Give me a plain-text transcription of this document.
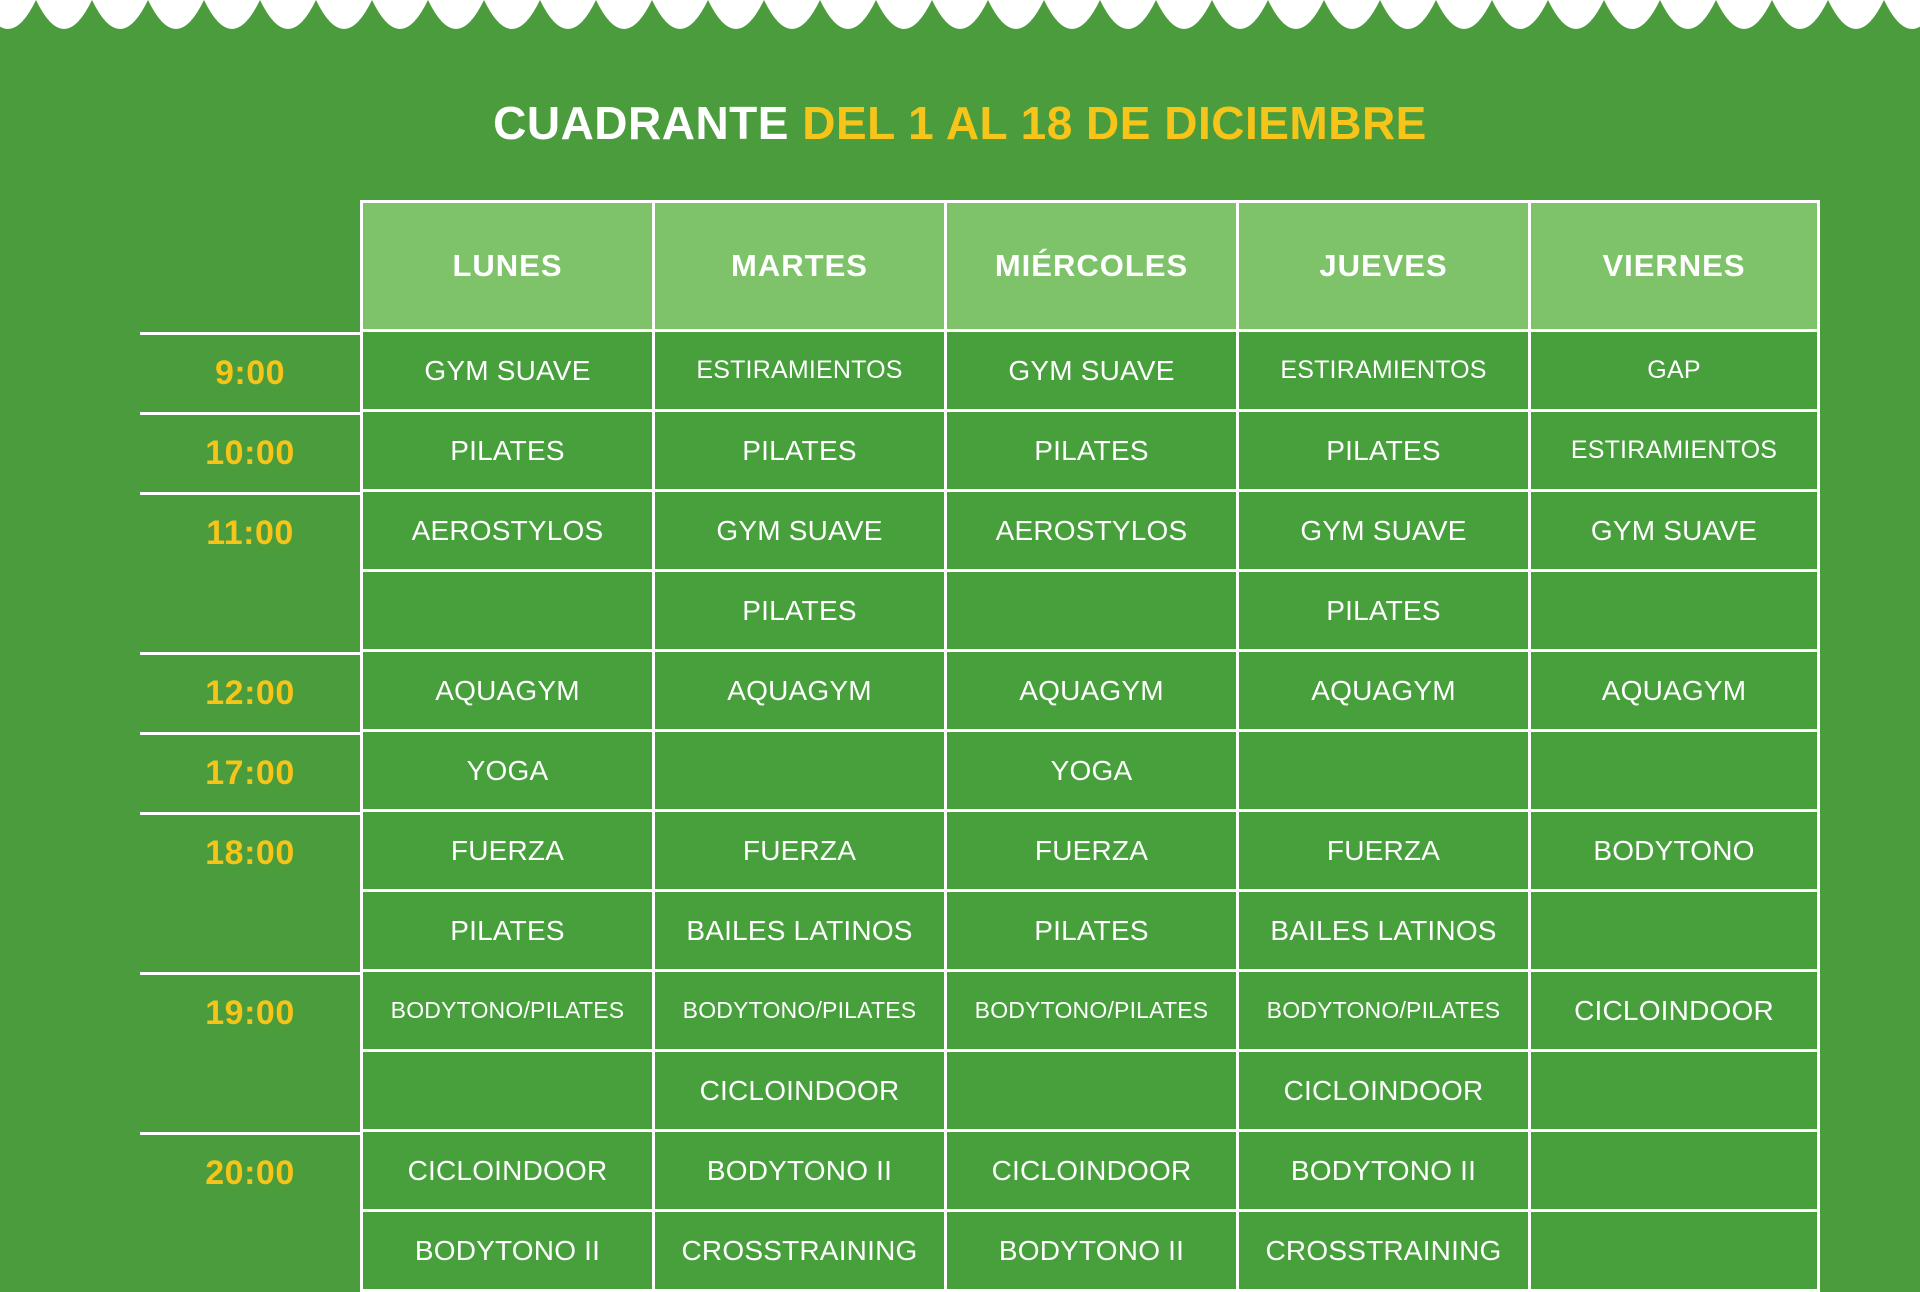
CUADRANTE DEL 1 AL 18 DE DICIEMBRE
	LUNES	MARTES	MIÉRCOLES	JUEVES	VIERNES
9:00	GYM SUAVE	ESTIRAMIENTOS	GYM SUAVE	ESTIRAMIENTOS	GAP
10:00	PILATES	PILATES	PILATES	PILATES	ESTIRAMIENTOS
11:00	AEROSTYLOS	GYM SUAVE	AEROSTYLOS	GYM SUAVE	GYM SUAVE
		PILATES		PILATES	
12:00	AQUAGYM	AQUAGYM	AQUAGYM	AQUAGYM	AQUAGYM
17:00	YOGA		YOGA		
18:00	FUERZA	FUERZA	FUERZA	FUERZA	BODYTONO
	PILATES	BAILES LATINOS	PILATES	BAILES LATINOS	
19:00	BODYTONO/PILATES	BODYTONO/PILATES	BODYTONO/PILATES	BODYTONO/PILATES	CICLOINDOOR
		CICLOINDOOR		CICLOINDOOR	
20:00	CICLOINDOOR	BODYTONO II	CICLOINDOOR	BODYTONO II	
	BODYTONO II	CROSSTRAINING	BODYTONO II	CROSSTRAINING	
